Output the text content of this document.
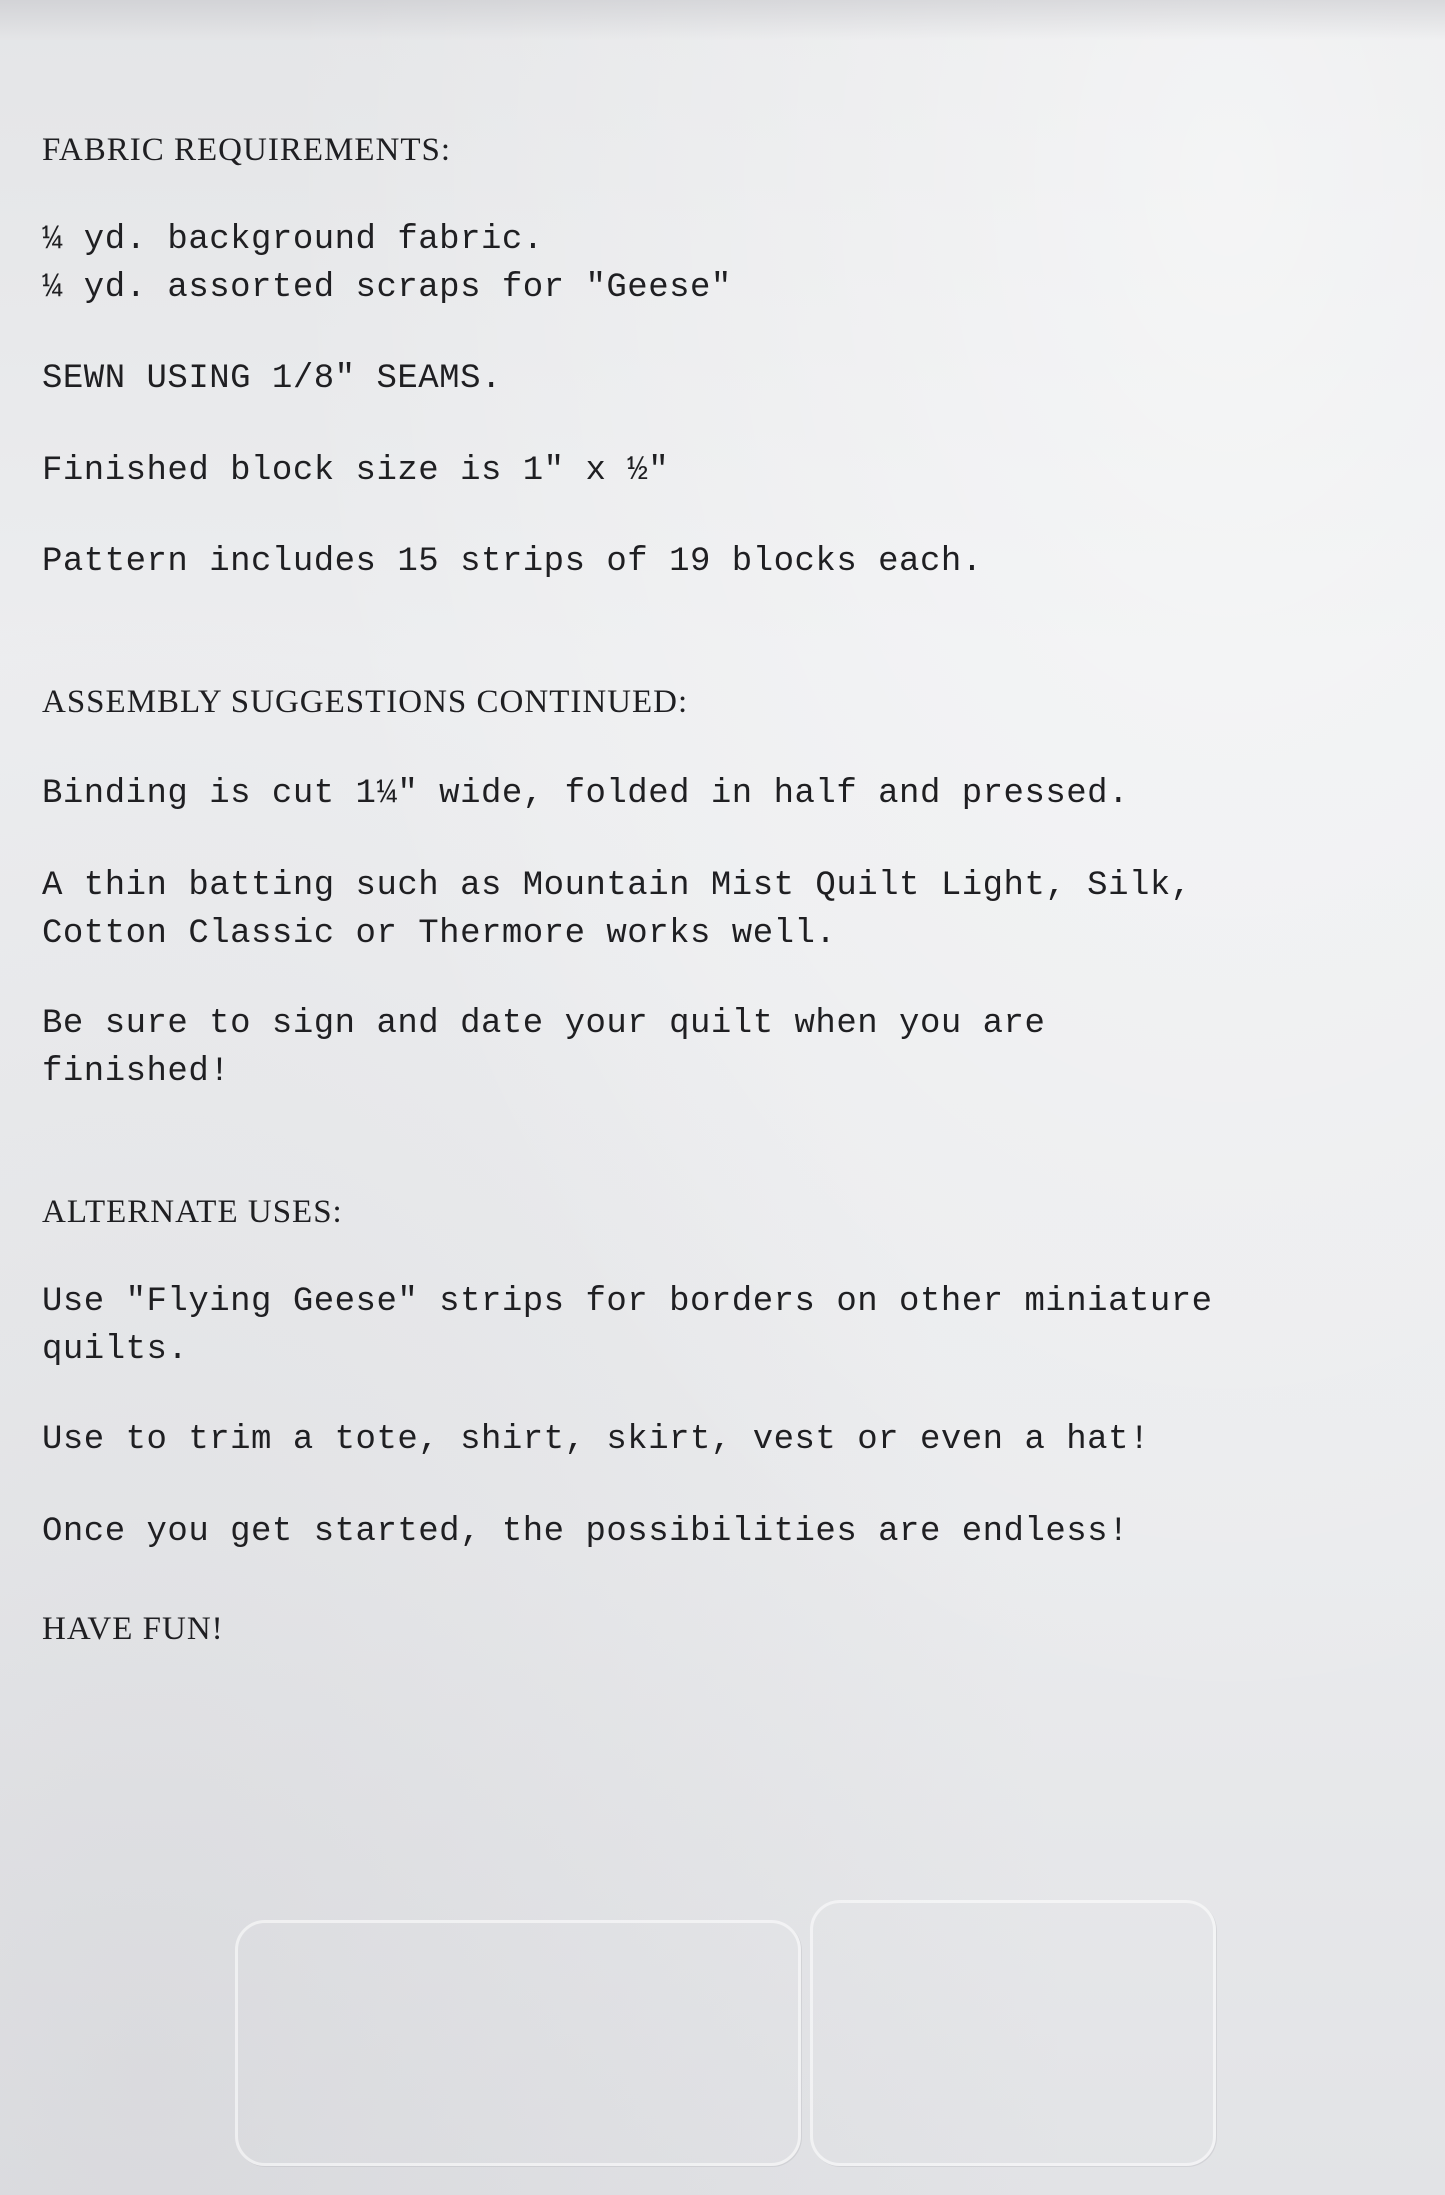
FABRIC REQUIREMENTS:
¼ yd. background fabric.
¼ yd. assorted scraps for "Geese"
SEWN USING 1/8" SEAMS.
Finished block size is 1" x ½"
Pattern includes 15 strips of 19 blocks each.
ASSEMBLY SUGGESTIONS CONTINUED:
Binding is cut 1¼" wide, folded in half and pressed.
A thin batting such as Mountain Mist Quilt Light, Silk,
Cotton Classic or Thermore works well.
Be sure to sign and date your quilt when you are
finished!
ALTERNATE USES:
Use "Flying Geese" strips for borders on other miniature
quilts.
Use to trim a tote, shirt, skirt, vest or even a hat!
Once you get started, the possibilities are endless!
HAVE FUN!
